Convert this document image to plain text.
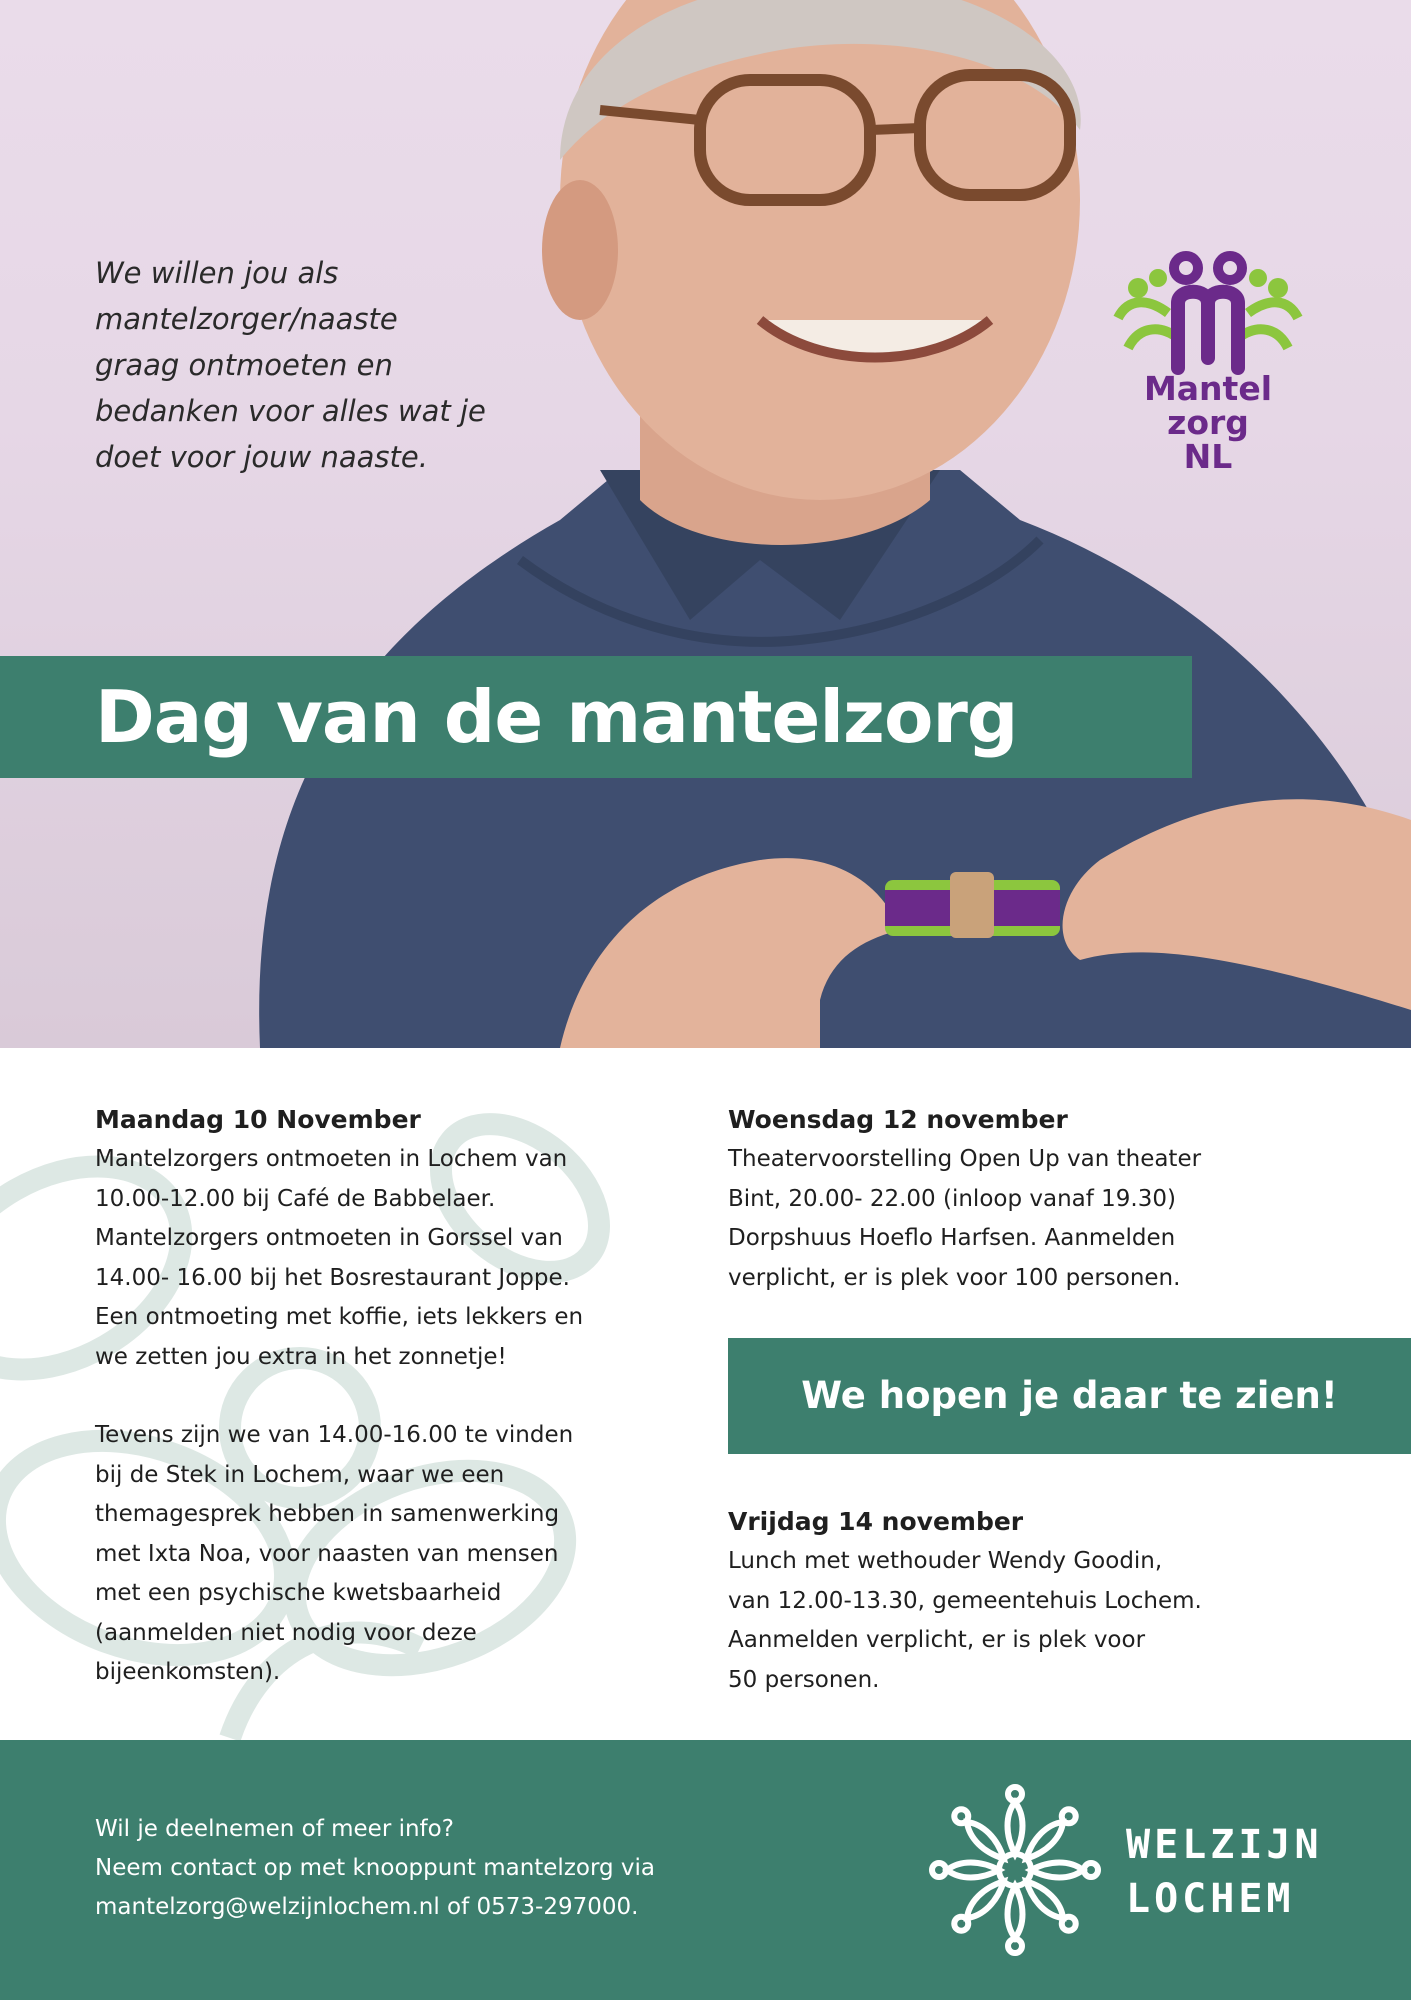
We willen jou als
mantelzorger/naaste
graag ontmoeten en
bedanken voor alles wat je
doet voor jouw naaste.
Mantel
zorg
NL
Dag van de mantelzorg
Maandag 10 November
Mantelzorgers ontmoeten in Lochem van
10.00-12.00 bij Café de Babbelaer.
Mantelzorgers ontmoeten in Gorssel van
14.00- 16.00 bij het Bosrestaurant Joppe.
Een ontmoeting met koffie, iets lekkers en
we zetten jou extra in het zonnetje!
Tevens zijn we van 14.00-16.00 te vinden
bij de Stek in Lochem, waar we een
themagesprek hebben in samenwerking
met Ixta Noa, voor naasten van mensen
met een psychische kwetsbaarheid
(aanmelden niet nodig voor deze
bijeenkomsten).
Woensdag 12 november
Theatervoorstelling Open Up van theater
Bint, 20.00- 22.00 (inloop vanaf 19.30)
Dorpshuus Hoeflo Harfsen. Aanmelden
verplicht, er is plek voor 100 personen.
We hopen je daar te zien!
Vrijdag 14 november
Lunch met wethouder Wendy Goodin,
van 12.00-13.30, gemeentehuis Lochem.
Aanmelden verplicht, er is plek voor
50 personen.
Wil je deelnemen of meer info?
Neem contact op met knooppunt mantelzorg via
mantelzorg@welzijnlochem.nl of 0573-297000.
WELZIJN
LOCHEM
